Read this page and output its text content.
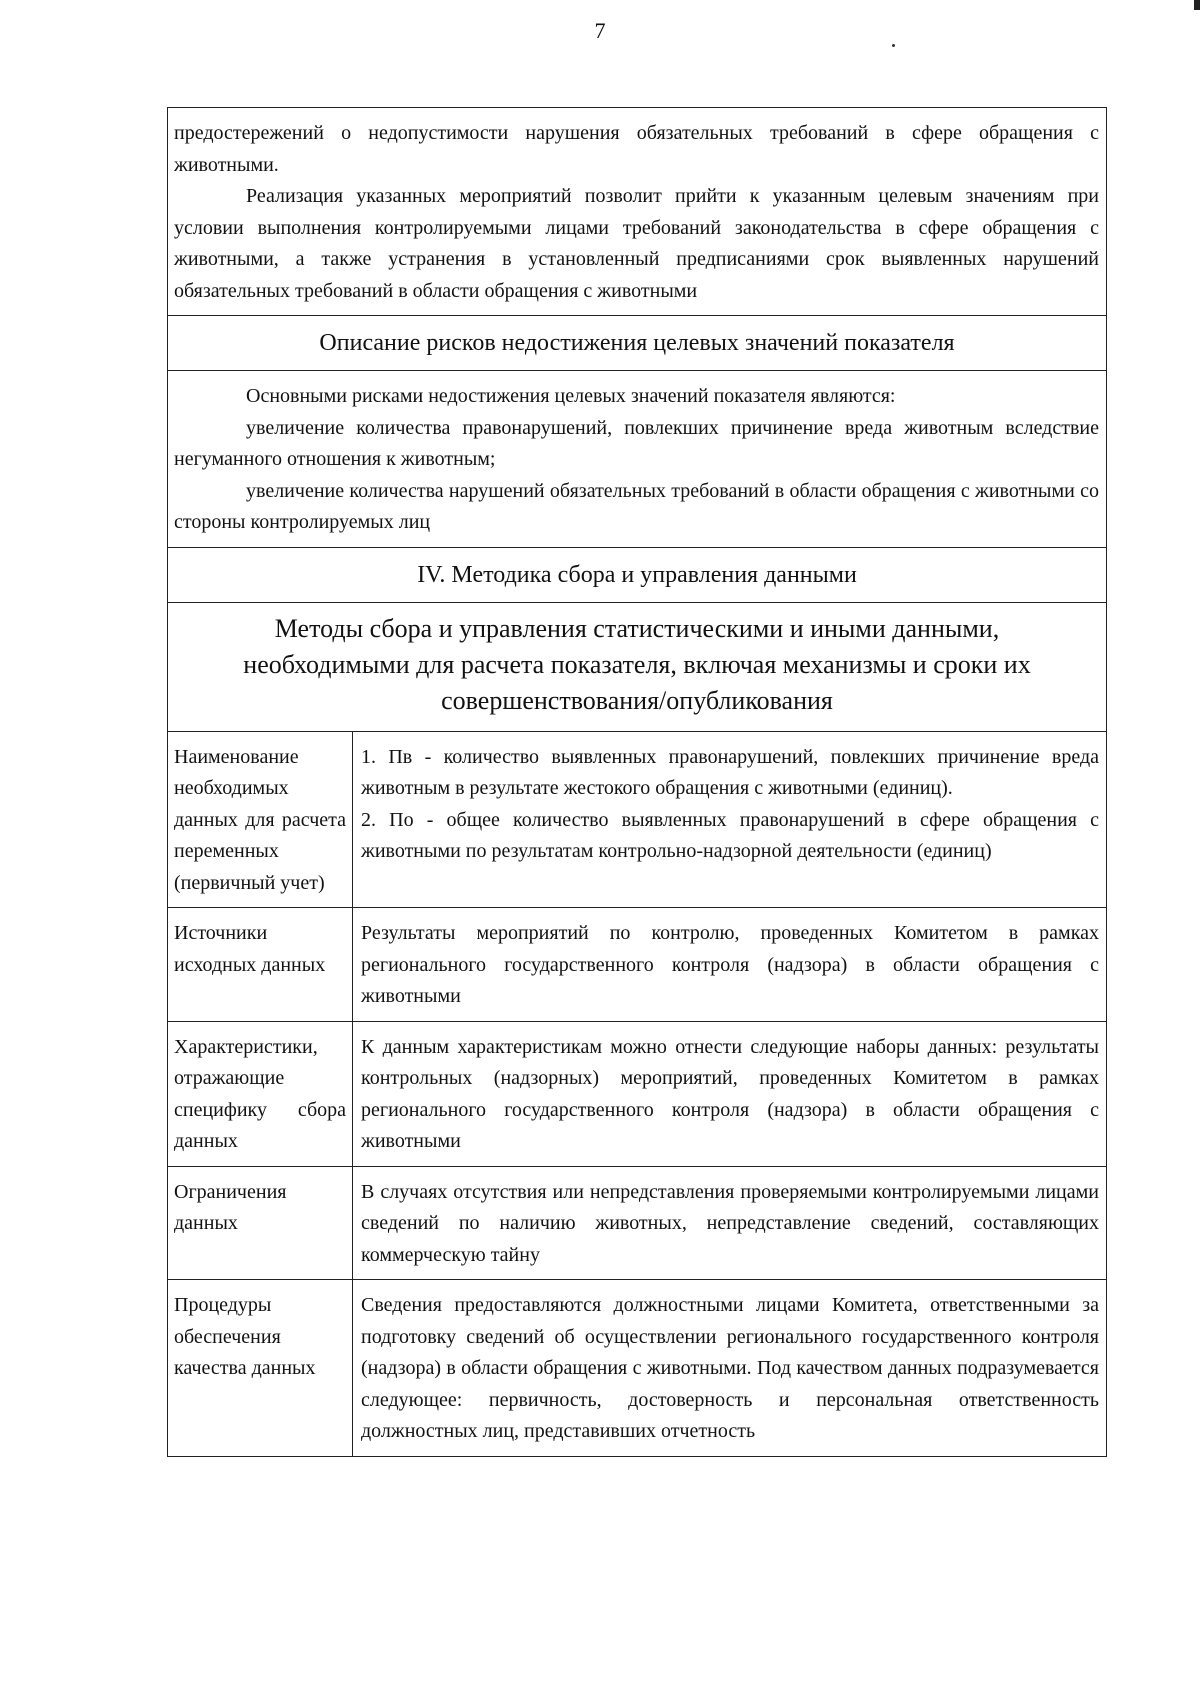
7

предостережений о недопустимости нарушения обязательных требований в сфере обращения с животными.

Реализация указанных мероприятий позволит прийти к указанным целевым значениям при условии выполнения контролируемыми лицами требований законодательства в сфере обращения с животными, а также устранения в установленный предписаниями срок выявленных нарушений обязательных требований в области обращения с животными

Описание рисков недостижения целевых значений показателя

Основными рисками недостижения целевых значений показателя являются:

увеличение количества правонарушений, повлекших причинение вреда животным вследствие негуманного отношения к животным;

увеличение количества нарушений обязательных требований в области обращения с животными со стороны контролируемых лиц

IV. Методика сбора и управления данными
Методы сбора и управления статистическими и иными данными, необходимыми для расчета показателя, включая механизмы и сроки их совершенствования/опубликования
Наименование необходимых данных для расчета переменных (первичный учет)

1. Пв - количество выявленных правонарушений, повлекших причинение вреда животным в результате жестокого обращения с животными (единиц).

2. По - общее количество выявленных правонарушений в сфере обращения с животными по результатам контрольно-надзорной деятельности (единиц)

Источники исходных данных

Результаты мероприятий по контролю, проведенных Комитетом в рамках регионального государственного контроля (надзора) в области обращения с животными

Характеристики, отражающие специфику сбора данных

К данным характеристикам можно отнести следующие наборы данных: результаты контрольных (надзорных) мероприятий, проведенных Комитетом в рамках регионального государственного контроля (надзора) в области обращения с животными

Ограничения данных

В случаях отсутствия или непредставления проверяемыми контролируемыми лицами сведений по наличию животных, непредставление сведений, составляющих коммерческую тайну

Процедуры обеспечения качества данных

Сведения предоставляются должностными лицами Комитета, ответственными за подготовку сведений об осуществлении регионального государственного контроля (надзора) в области обращения с животными. Под качеством данных подразумевается следующее: первичность, достоверность и персональная ответственность должностных лиц, представивших отчетность
